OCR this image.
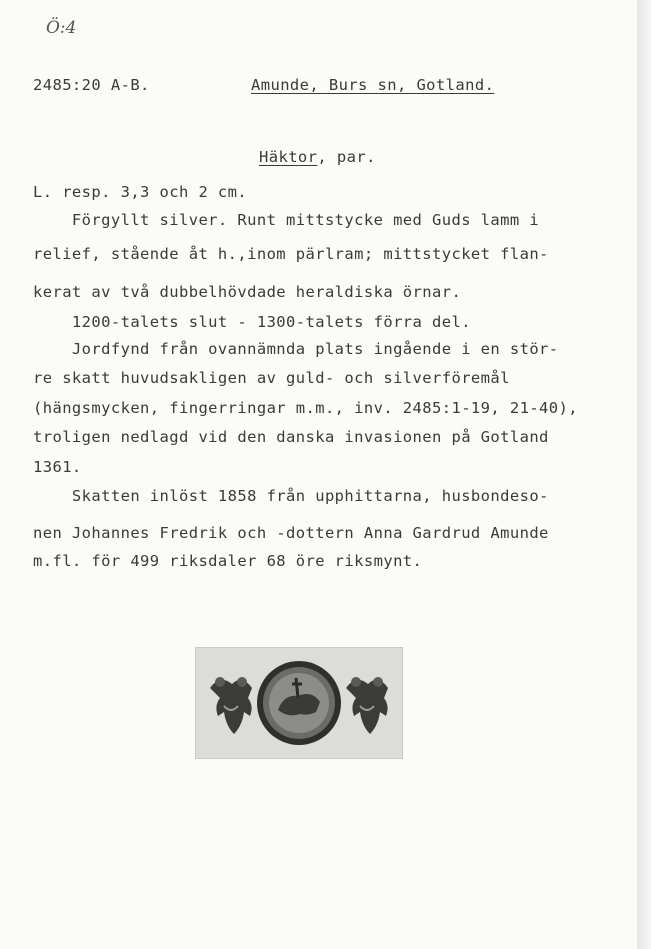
Ö:4
2485:20 A-B.	Amunde, Burs sn, Gotland.
Häktor, par.
L. resp. 3,3 och 2 cm.
Förgyllt silver. Runt mittstycke med Guds lamm i
relief, stående åt h.,inom pärlram; mittstycket flan-
kerat av två dubbelhövdade heraldiska örnar.
1200-talets slut - 1300-talets förra del.
Jordfynd från ovannämnda plats ingående i en stör-
re skatt huvudsakligen av guld- och silverföremål
(hängsmycken, fingerringar m.m., inv. 2485:1-19, 21-40),
troligen nedlagd vid den danska invasionen på Gotland
1361.
Skatten inlöst 1858 från upphittarna, husbondeso-
nen Johannes Fredrik och -dottern Anna Gardrud Amunde
m.fl. för 499 riksdaler 68 öre riksmynt.
